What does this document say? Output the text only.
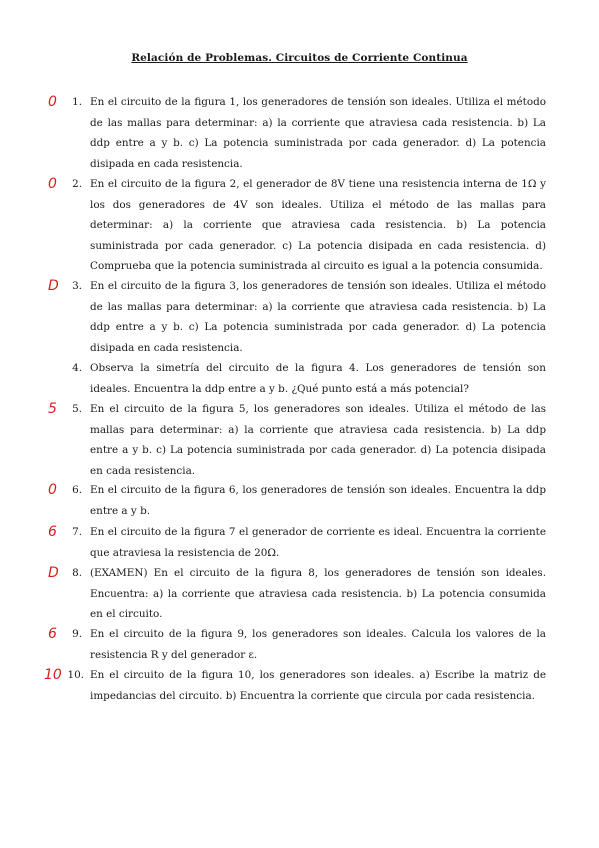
Relación de Problemas. Circuitos de Corriente Continua
0	1. En el circuito de la figura 1, los generadores de tensión son ideales. Utiliza el método de las mallas para determinar: a) la corriente que atraviesa cada resistencia. b) La ddp entre a y b. c) La potencia suministrada por cada generador. d) La potencia disipada en cada resistencia.
0	2. En el circuito de la figura 2, el generador de 8V tiene una resistencia interna de 1Ω y los dos generadores de 4V son ideales. Utiliza el método de las mallas para determinar: a) la corriente que atraviesa cada resistencia. b) La potencia suministrada por cada generador. c) La potencia disipada en cada resistencia. d) Comprueba que la potencia suministrada al circuito es igual a la potencia consumida.
D	3. En el circuito de la figura 3, los generadores de tensión son ideales. Utiliza el método de las mallas para determinar: a) la corriente que atraviesa cada resistencia. b) La ddp entre a y b. c) La potencia suministrada por cada generador. d) La potencia disipada en cada resistencia.
4. Observa la simetría del circuito de la figura 4. Los generadores de tensión son ideales. Encuentra la ddp entre a y b. ¿Qué punto está a más potencial?
5	5. En el circuito de la figura 5, los generadores son ideales. Utiliza el método de las mallas para determinar: a) la corriente que atraviesa cada resistencia. b) La ddp entre a y b. c) La potencia suministrada por cada generador. d) La potencia disipada en cada resistencia.
0	6. En el circuito de la figura 6, los generadores de tensión son ideales. Encuentra la ddp entre a y b.
6	7. En el circuito de la figura 7 el generador de corriente es ideal. Encuentra la corriente que atraviesa la resistencia de 20Ω.
D	8. (EXAMEN) En el circuito de la figura 8, los generadores de tensión son ideales. Encuentra: a) la corriente que atraviesa cada resistencia. b) La potencia consumida en el circuito.
6	9. En el circuito de la figura 9, los generadores son ideales. Calcula los valores de la resistencia R y del generador ε.
10 10. En el circuito de la figura 10, los generadores son ideales. a) Escribe la matriz de impedancias del circuito. b) Encuentra la corriente que circula por cada resistencia.
